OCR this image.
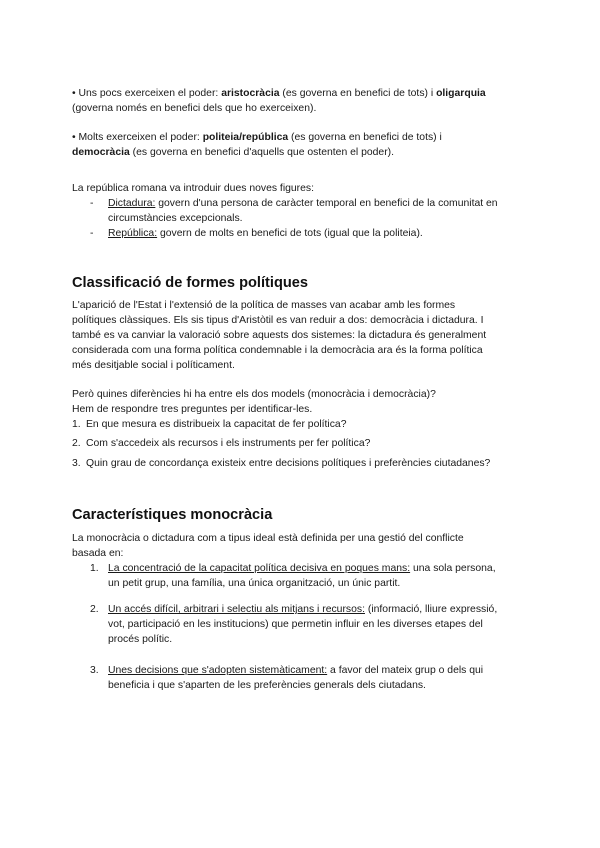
• Uns pocs exerceixen el poder: aristocràcia (es governa en benefici de tots) i oligarquia
(governa només en benefici dels que ho exerceixen).

• Molts exerceixen el poder: politeia/república (es governa en benefici de tots) i
democràcia (es governa en benefici d'aquells que ostenten el poder).

La república romana va introduir dues noves figures:

-	Dictadura: govern d'una persona de caràcter temporal en benefici de la comunitat en
circumstàncies excepcionals.
-	República: govern de molts en benefici de tots (igual que la politeia).
Classificació de formes polítiques

L'aparició de l'Estat i l'extensió de la política de masses van acabar amb les formes
polítiques clàssiques. Els sis tipus d'Aristòtil es van reduir a dos: democràcia i dictadura. I
també es va canviar la valoració sobre aquests dos sistemes: la dictadura és generalment
considerada com una forma política condemnable i la democràcia ara és la forma política
més desitjable social i políticament.

Però quines diferències hi ha entre els dos models (monocràcia i democràcia)?
Hem de respondre tres preguntes per identificar-les.

1. En que mesura es distribueix la capacitat de fer política?
2. Com s'accedeix als recursos i els instruments per fer política?
3. Quin grau de concordança existeix entre decisions polítiques i preferències ciutadanes?
Característiques monocràcia

La monocràcia o dictadura com a tipus ideal està definida per una gestió del conflicte
basada en:

1. La concentració de la capacitat política decisiva en poques mans: una sola persona,
un petit grup, una família, una única organització, un únic partit.
2. Un accés difícil, arbitrari i selectiu als mitjans i recursos: (informació, lliure expressió,
vot, participació en les institucions) que permetin influir en les diverses etapes del
procés polític.
3. Unes decisions que s'adopten sistemàticament: a favor del mateix grup o dels qui
beneficia i que s'aparten de les preferències generals dels ciutadans.
